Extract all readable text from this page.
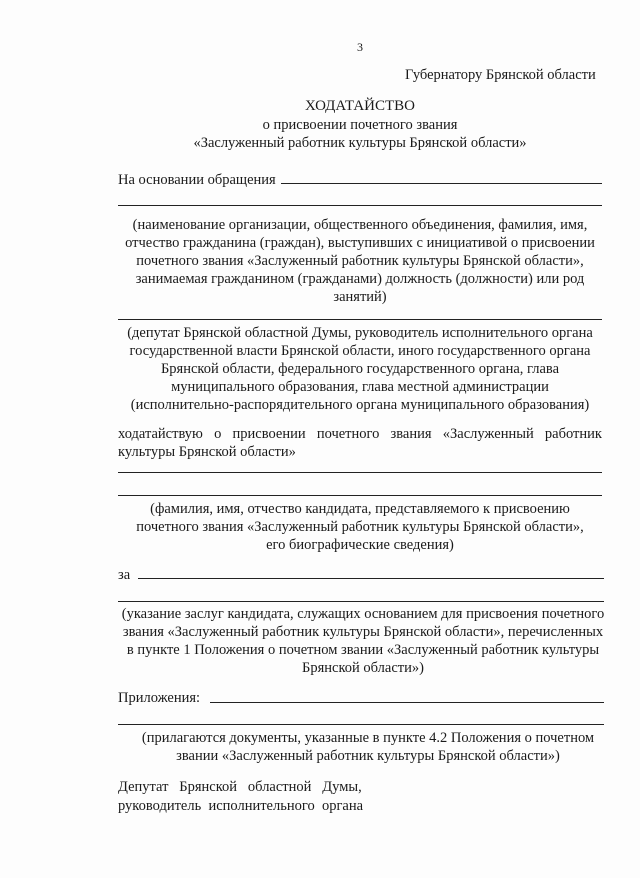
3
Губернатору Брянской области
ХОДАТАЙСТВО
о присвоении почетного звания
«Заслуженный работник культуры Брянской области»
На основании обращения
(наименование организации, общественного объединения, фамилия, имя,
отчество гражданина (граждан), выступивших с инициативой о присвоении
почетного звания «Заслуженный работник культуры Брянской области»,
занимаемая гражданином (гражданами) должность (должности) или род
занятий)
(депутат Брянской областной Думы, руководитель исполнительного органа
государственной власти Брянской области, иного государственного органа
Брянской области, федерального государственного органа, глава
муниципального образования, глава местной администрации
(исполнительно-распорядительного органа муниципального образования)
ходатайствую о присвоении почетного звания «Заслуженный работник
культуры Брянской области»
(фамилия, имя, отчество кандидата, представляемого к присвоению
почетного звания «Заслуженный работник культуры Брянской области»,
его биографические сведения)
за
(указание заслуг кандидата, служащих основанием для присвоения почетного
звания «Заслуженный работник культуры Брянской области», перечисленных
в пункте 1 Положения о почетном звании «Заслуженный работник культуры
Брянской области»)
Приложения:
(прилагаются документы, указанные в пункте 4.2 Положения о почетном
звании «Заслуженный работник культуры Брянской области»)
Депутат   Брянской   областной   Думы,
руководитель  исполнительного  органа
